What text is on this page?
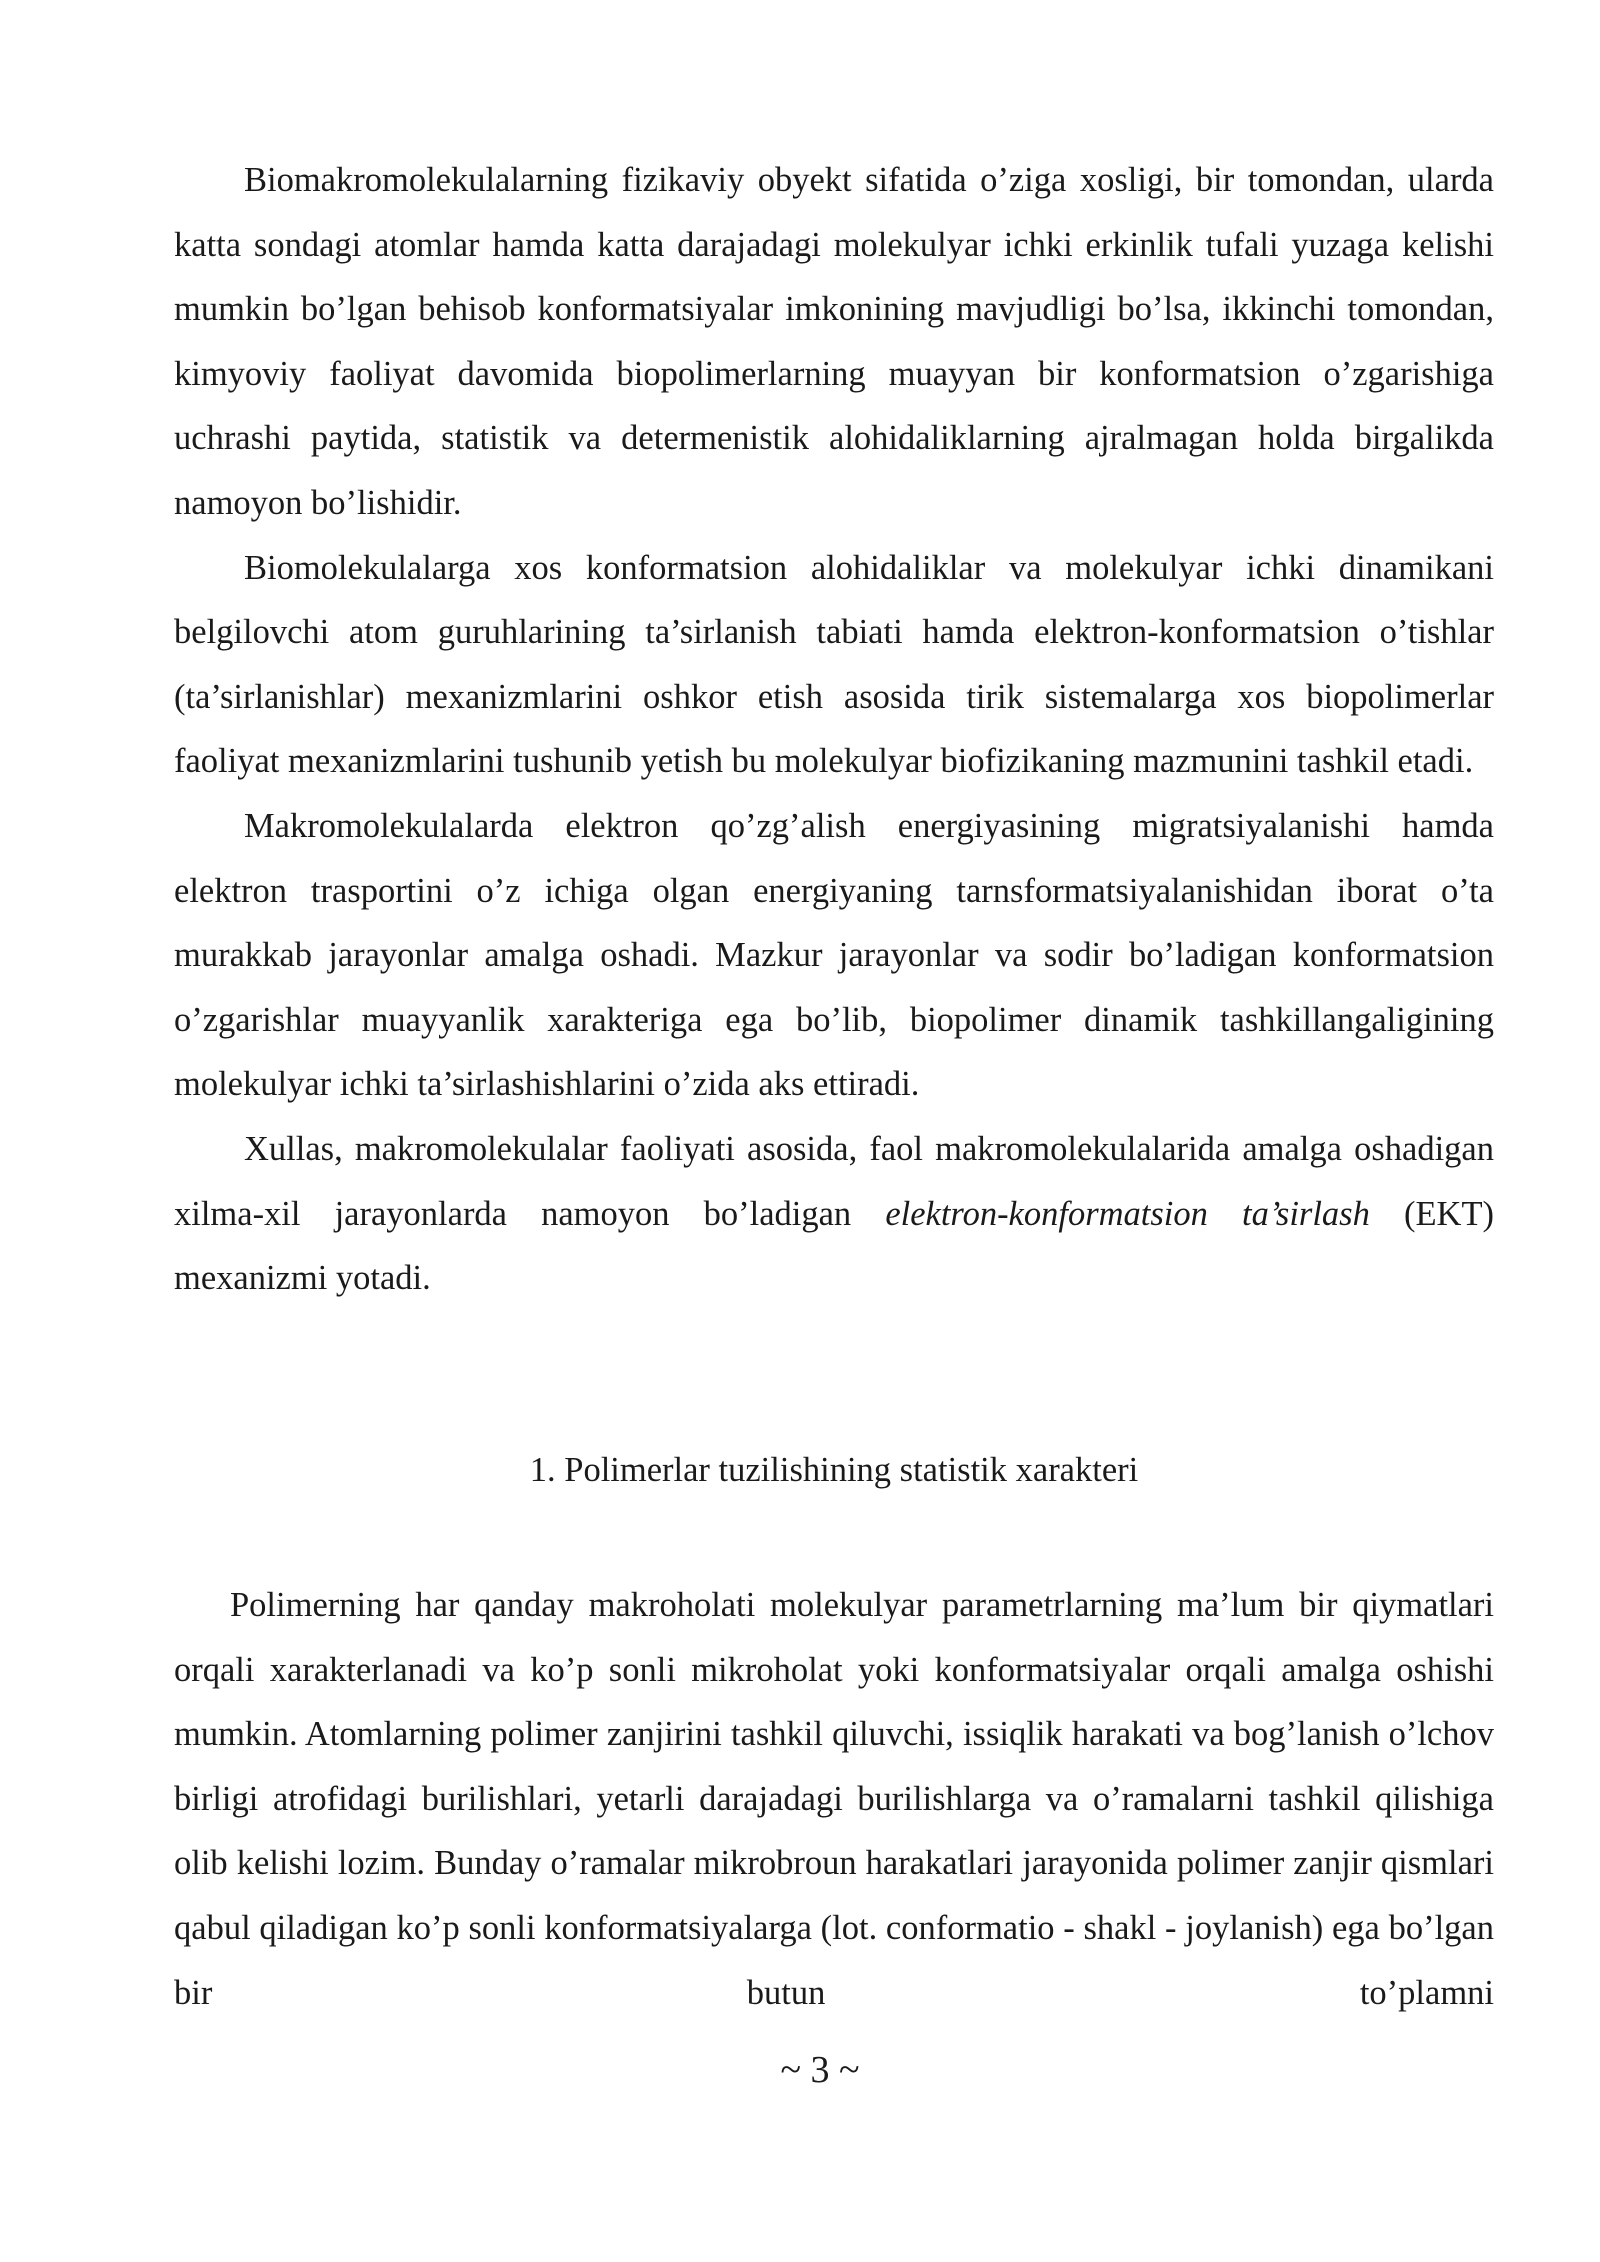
Biomakromolekulalarning fizikaviy obyekt sifatida o’ziga xosligi, bir tomondan, ularda katta sondagi atomlar hamda katta darajadagi molekulyar ichki erkinlik tufali yuzaga kelishi mumkin bo’lgan behisob konformatsiyalar imkonining mavjudligi bo’lsa, ikkinchi tomondan, kimyoviy faoliyat davomida biopolimerlarning muayyan bir konformatsion o’zgarishiga uchrashi paytida, statistik va determenistik alohidaliklarning ajralmagan holda birgalikda namoyon bo’lishidir.

Biomolekulalarga xos konformatsion alohidaliklar va molekulyar ichki dinamikani belgilovchi atom guruhlarining ta’sirlanish tabiati hamda elektron-konformatsion o’tishlar (ta’sirlanishlar) mexanizmlarini oshkor etish asosida tirik sistemalarga xos biopolimerlar faoliyat mexanizmlarini tushunib yetish bu molekulyar biofizikaning mazmunini tashkil etadi.

Makromolekulalarda elektron qo’zg’alish energiyasining migratsiyalanishi hamda elektron trasportini o’z ichiga olgan energiyaning tarnsformatsiyalanishidan iborat o’ta murakkab jarayonlar amalga oshadi. Mazkur jarayonlar va sodir bo’ladigan konformatsion o’zgarishlar muayyanlik xarakteriga ega bo’lib, biopolimer dinamik tashkillangaligining molekulyar ichki ta’sirlashishlarini o’zida aks ettiradi.

Xullas, makromolekulalar faoliyati asosida, faol makromolekulalarida amalga oshadigan xilma-xil jarayonlarda namoyon bo’ladigan elektron-konformatsion ta’sirlash (EKT) mexanizmi yotadi.

1. Polimerlar tuzilishining statistik xarakteri

Polimerning har qanday makroholati molekulyar parametrlarning ma’lum bir qiymatlari orqali xarakterlanadi va ko’p sonli mikroholat yoki konformatsiyalar orqali amalga oshishi mumkin. Atomlarning polimer zanjirini tashkil qiluvchi, issiqlik harakati va bog’lanish o’lchov birligi atrofidagi burilishlari, yetarli darajadagi burilishlarga va o’ramalarni tashkil qilishiga olib kelishi lozim. Bunday o’ramalar mikrobroun harakatlari jarayonida polimer zanjir qismlari qabul qiladigan ko’p sonli konformatsiyalarga (lot. conformatio - shakl - joylanish) ega bo’lgan bir butun to’plamni

~ 3 ~
